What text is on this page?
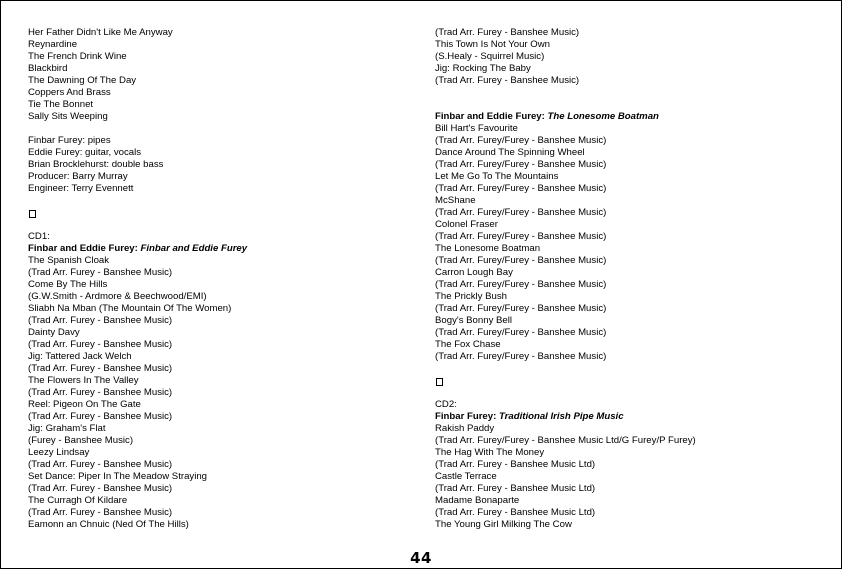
Her Father Didn't Like Me Anyway
Reynardine
The French Drink Wine
Blackbird
The Dawning Of The Day
Coppers And Brass
Tie The Bonnet
Sally Sits Weeping
Finbar Furey: pipes
Eddie Furey: guitar, vocals
Brian Brocklehurst: double bass
Producer: Barry Murray
Engineer: Terry Evennett
CD1:
Finbar and Eddie Furey: Finbar and Eddie Furey
The Spanish Cloak
(Trad Arr. Furey - Banshee Music)
Come By The Hills
(G.W.Smith - Ardmore & Beechwood/EMI)
Sliabh Na Mban (The Mountain Of The Women)
(Trad Arr. Furey - Banshee Music)
Dainty Davy
(Trad Arr. Furey - Banshee Music)
Jig: Tattered Jack Welch
(Trad Arr. Furey - Banshee Music)
The Flowers In The Valley
(Trad Arr. Furey - Banshee Music)
Reel: Pigeon On The Gate
(Trad Arr. Furey - Banshee Music)
Jig: Graham's Flat
(Furey - Banshee Music)
Leezy Lindsay
(Trad Arr. Furey - Banshee Music)
Set Dance: Piper In The Meadow Straying
(Trad Arr. Furey - Banshee Music)
The Curragh Of Kildare
(Trad Arr. Furey - Banshee Music)
Eamonn an Chnuic (Ned Of The Hills)
(Trad Arr. Furey - Banshee Music)
This Town Is Not Your Own
(S.Healy - Squirrel Music)
Jig: Rocking The Baby
(Trad Arr. Furey - Banshee Music)
Finbar and Eddie Furey: The Lonesome Boatman
Bill Hart's Favourite
(Trad Arr. Furey/Furey - Banshee Music)
Dance Around The Spinning Wheel
(Trad Arr. Furey/Furey - Banshee Music)
Let Me Go To The Mountains
(Trad Arr. Furey/Furey - Banshee Music)
McShane
(Trad Arr. Furey/Furey - Banshee Music)
Colonel Fraser
(Trad Arr. Furey/Furey - Banshee Music)
The Lonesome Boatman
(Trad Arr. Furey/Furey - Banshee Music)
Carron Lough Bay
(Trad Arr. Furey/Furey - Banshee Music)
The Prickly Bush
(Trad Arr. Furey/Furey - Banshee Music)
Bogy's Bonny Bell
(Trad Arr. Furey/Furey - Banshee Music)
The Fox Chase
(Trad Arr. Furey/Furey - Banshee Music)
CD2:
Finbar Furey: Traditional Irish Pipe Music
Rakish Paddy
(Trad Arr. Furey/Furey - Banshee Music Ltd/G Furey/P Furey)
The Hag With The Money
(Trad Arr. Furey - Banshee Music Ltd)
Castle Terrace
(Trad Arr. Furey - Banshee Music Ltd)
Madame Bonaparte
(Trad Arr. Furey - Banshee Music Ltd)
The Young Girl Milking The Cow
44
